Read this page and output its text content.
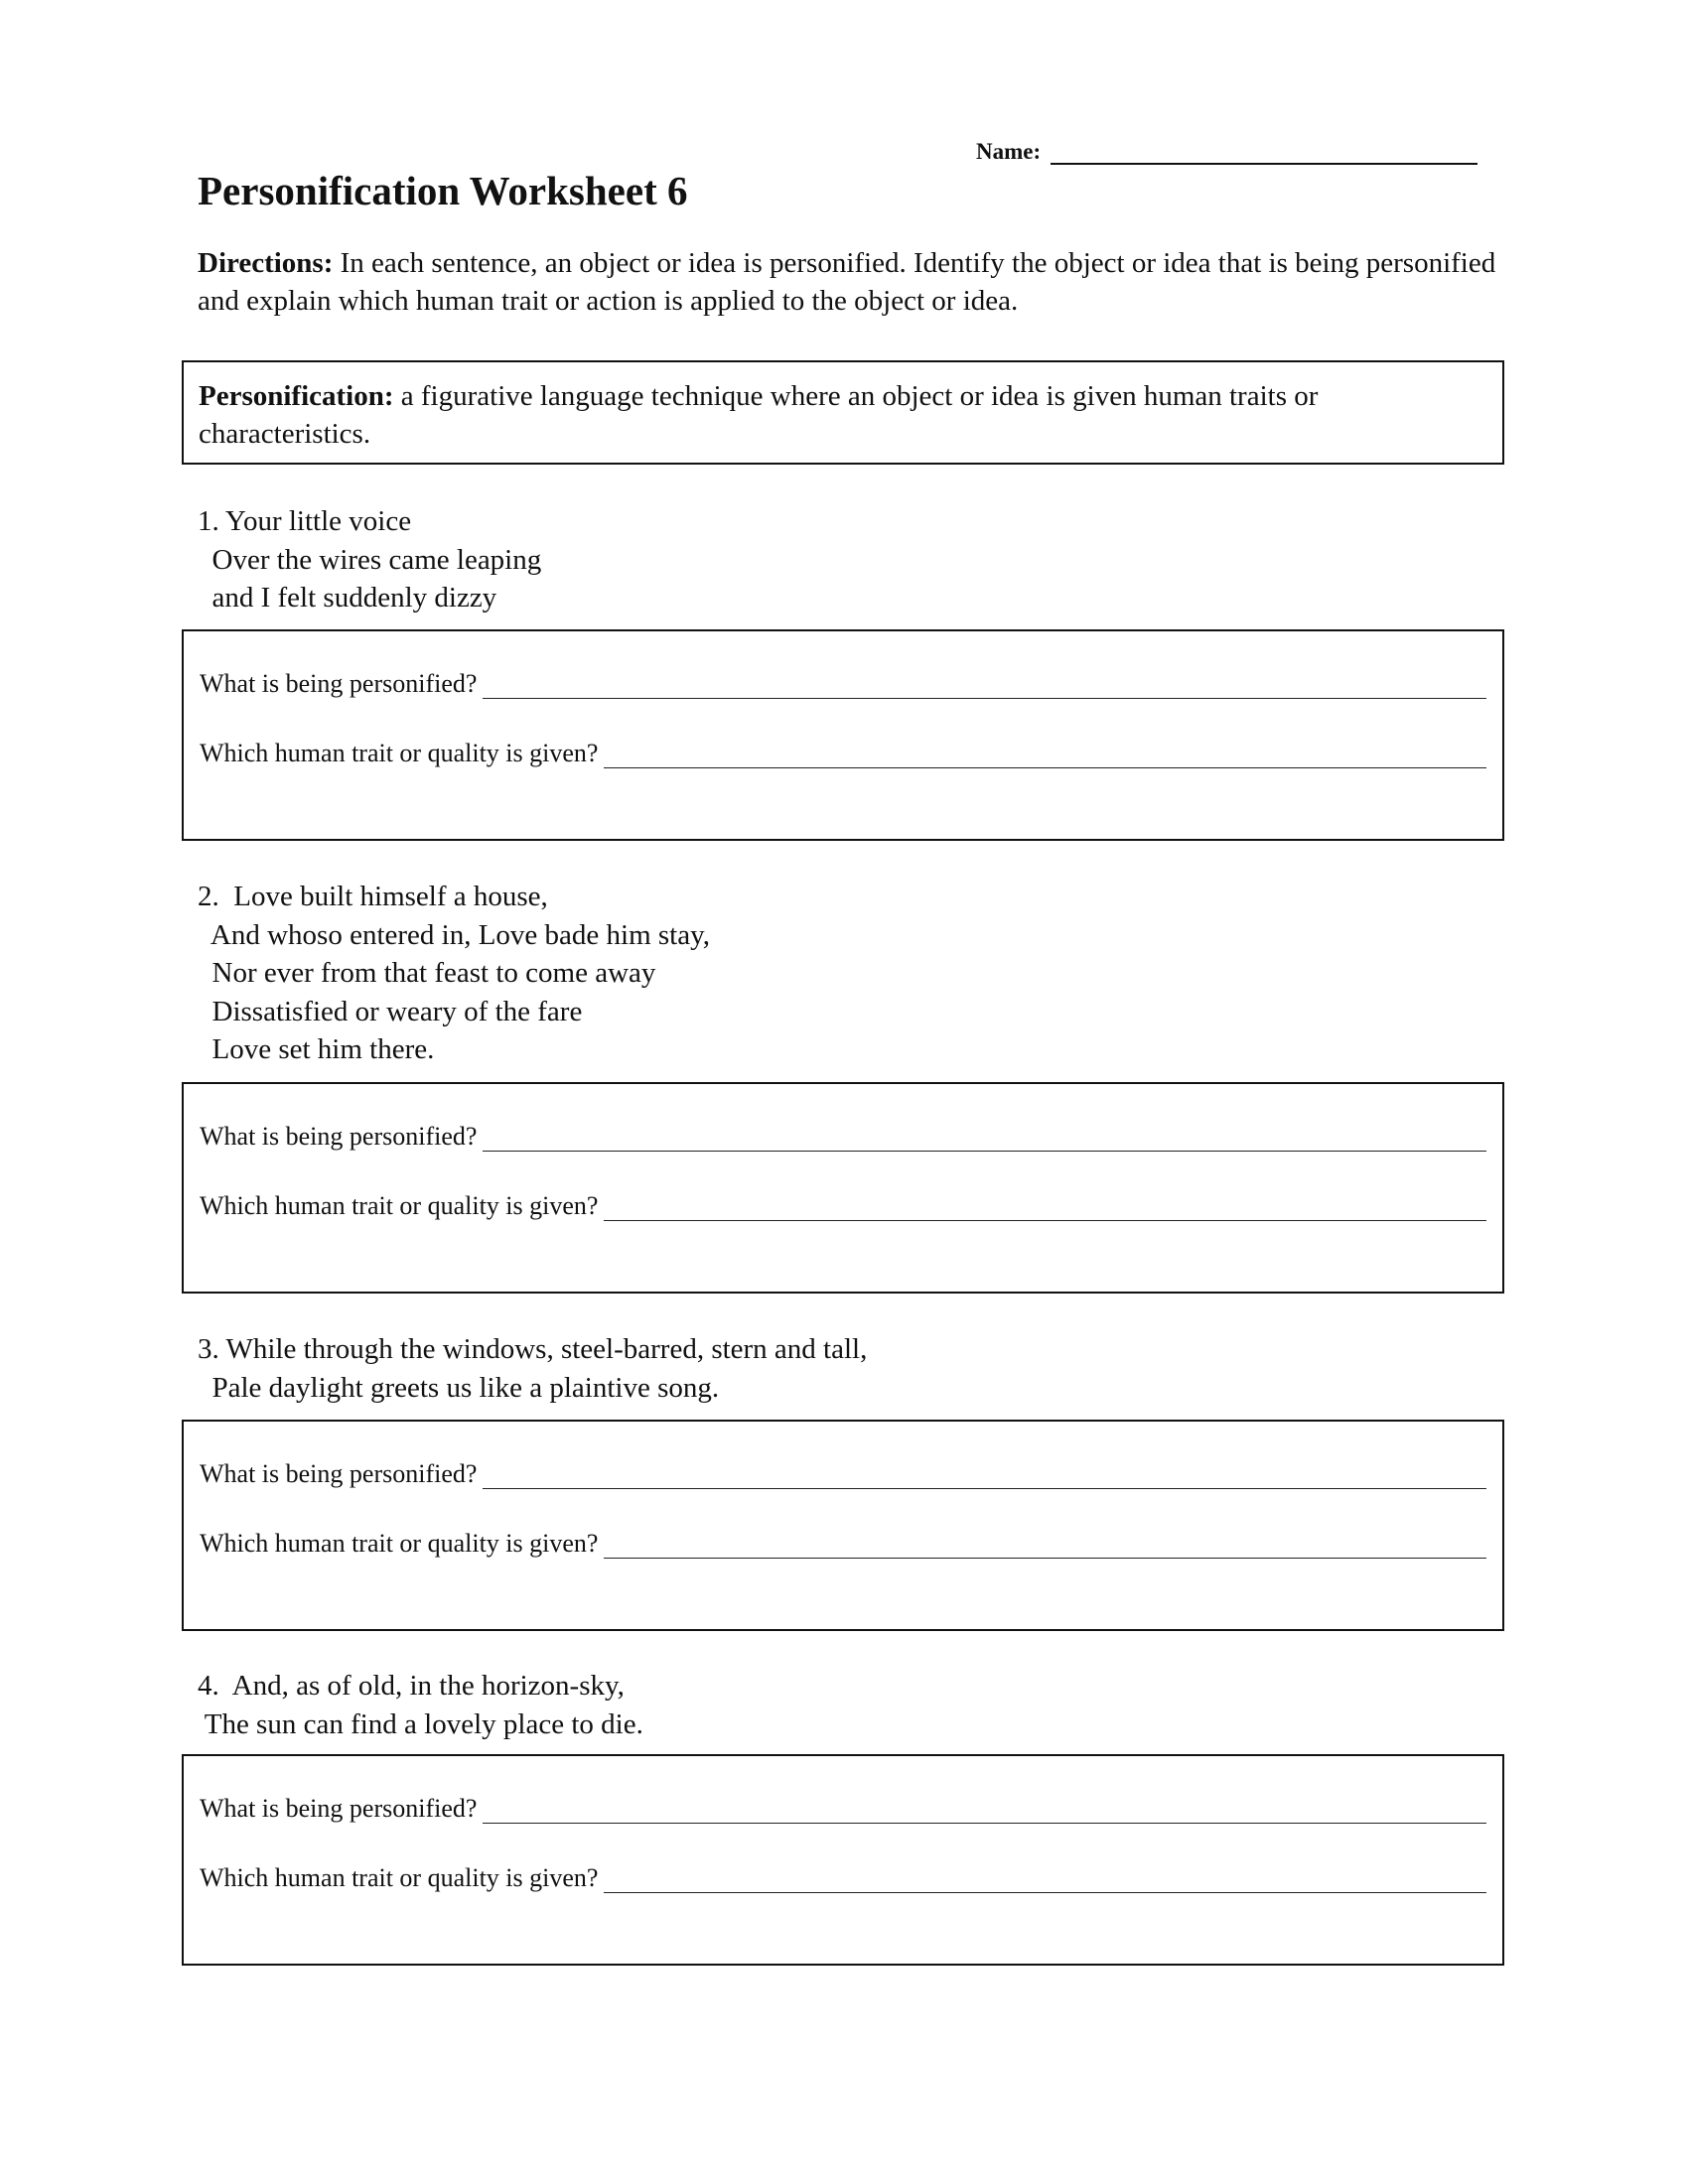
Name:
Personification Worksheet 6

Directions: In each sentence, an object or idea is personified. Identify the object or idea that is being personified and explain which human trait or action is applied to the object or idea.

Personification: a figurative language technique where an object or idea is given human traits or characteristics.
1. Your little voice
Over the wires came leaping
and I felt suddenly dizzy
What is being personified?
Which human trait or quality is given?
2.  Love built himself a house,
And whoso entered in, Love bade him stay,
Nor ever from that feast to come away
Dissatisfied or weary of the fare
Love set him there.
What is being personified?
Which human trait or quality is given?
3. While through the windows, steel-barred, stern and tall,
Pale daylight greets us like a plaintive song.
What is being personified?
Which human trait or quality is given?
4.  And, as of old, in the horizon-sky,
The sun can find a lovely place to die.
What is being personified?
Which human trait or quality is given?
